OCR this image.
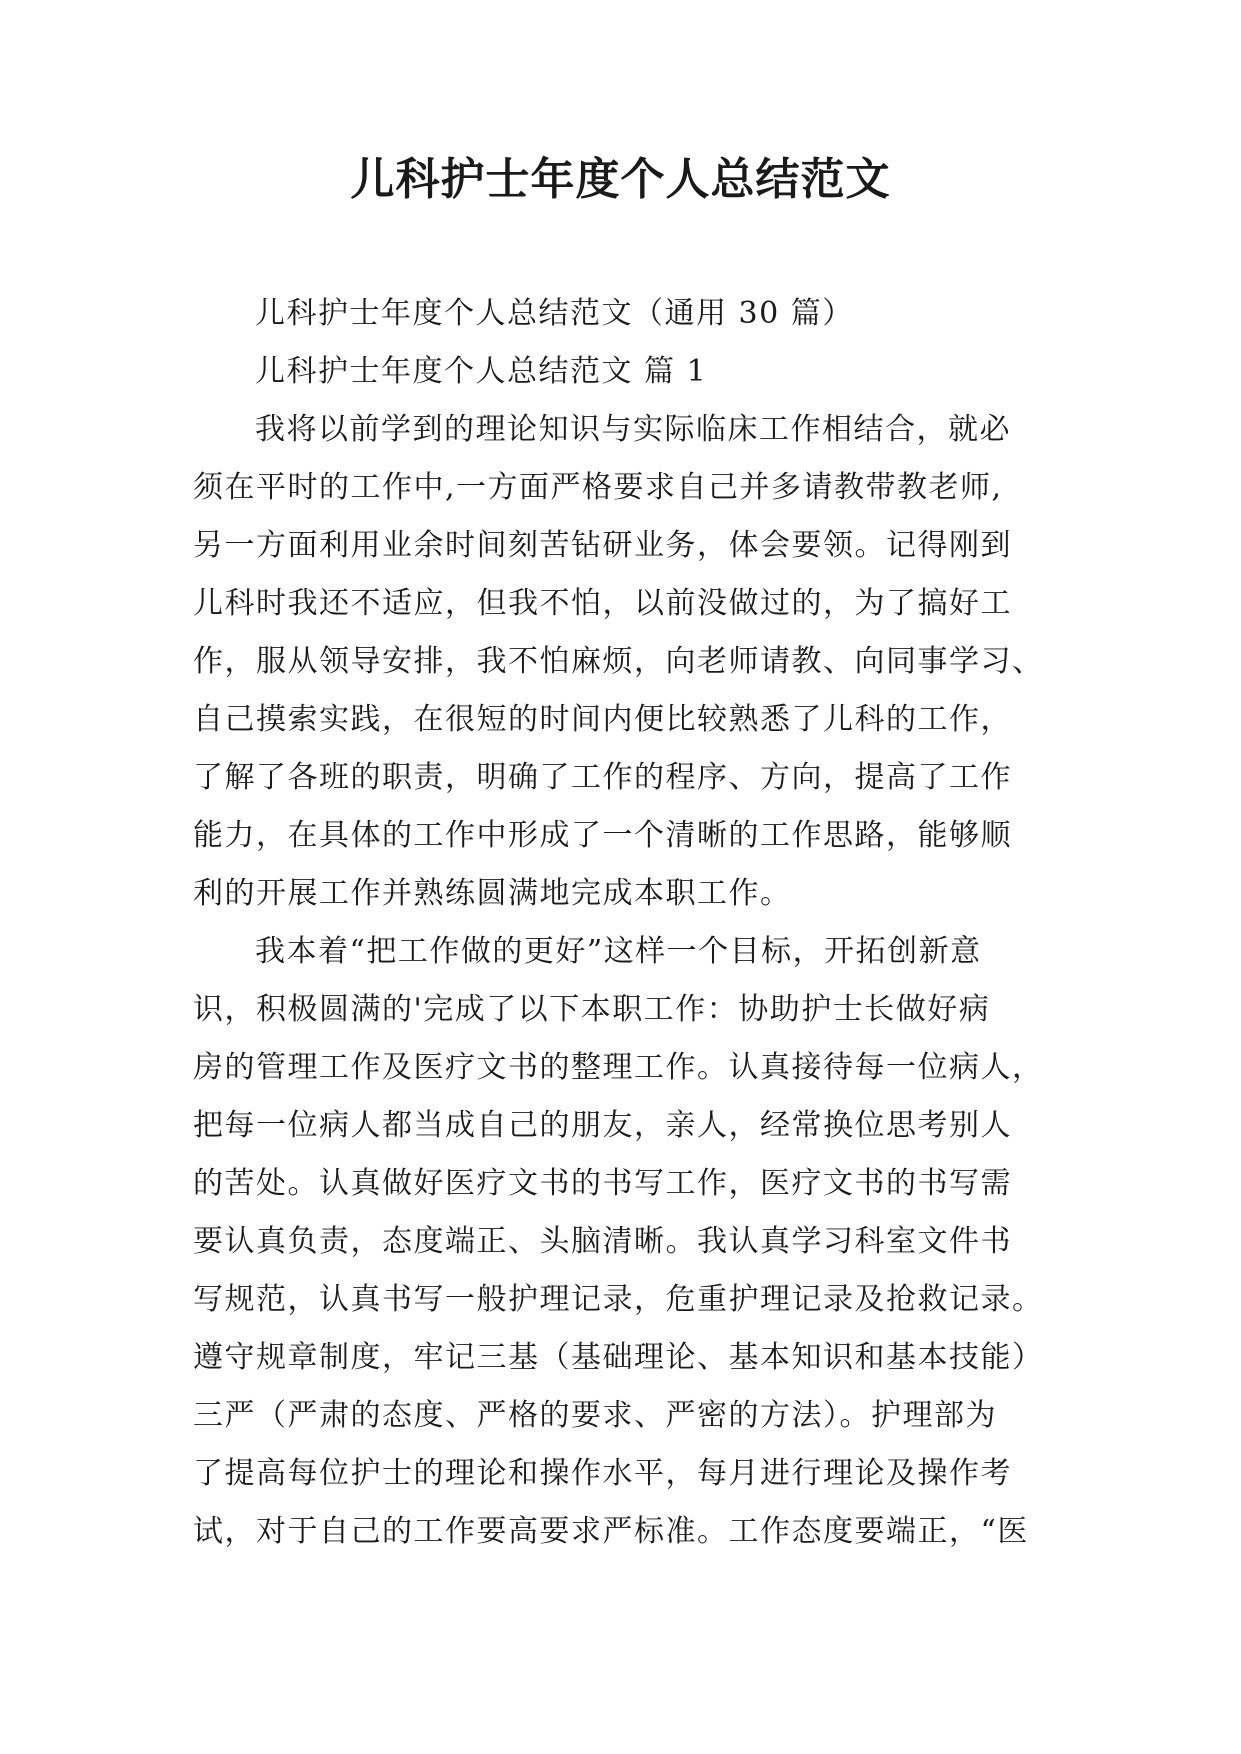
儿科护士年度个人总结范文
儿科护士年度个人总结范文（通用 30 篇）
儿科护士年度个人总结范文 篇 1
我将以前学到的理论知识与实际临床工作相结合，就必
须在平时的工作中,一方面严格要求自己并多请教带教老师,
另一方面利用业余时间刻苦钻研业务，体会要领。记得刚到
儿科时我还不适应，但我不怕，以前没做过的，为了搞好工
作，服从领导安排，我不怕麻烦，向老师请教、向同事学习、
自己摸索实践，在很短的时间内便比较熟悉了儿科的工作，
了解了各班的职责，明确了工作的程序、方向，提高了工作
能力，在具体的工作中形成了一个清晰的工作思路，能够顺
利的开展工作并熟练圆满地完成本职工作。
我本着“把工作做的更好”这样一个目标，开拓创新意
识，积极圆满的'完成了以下本职工作：协助护士长做好病
房的管理工作及医疗文书的整理工作。认真接待每一位病人，
把每一位病人都当成自己的朋友，亲人，经常换位思考别人
的苦处。认真做好医疗文书的书写工作，医疗文书的书写需
要认真负责，态度端正、头脑清晰。我认真学习科室文件书
写规范，认真书写一般护理记录，危重护理记录及抢救记录。
遵守规章制度，牢记三基（基础理论、基本知识和基本技能）
三严（严肃的态度、严格的要求、严密的方法）。护理部为
了提高每位护士的理论和操作水平，每月进行理论及操作考
试，对于自己的工作要高要求严标准。工作态度要端正，“医
